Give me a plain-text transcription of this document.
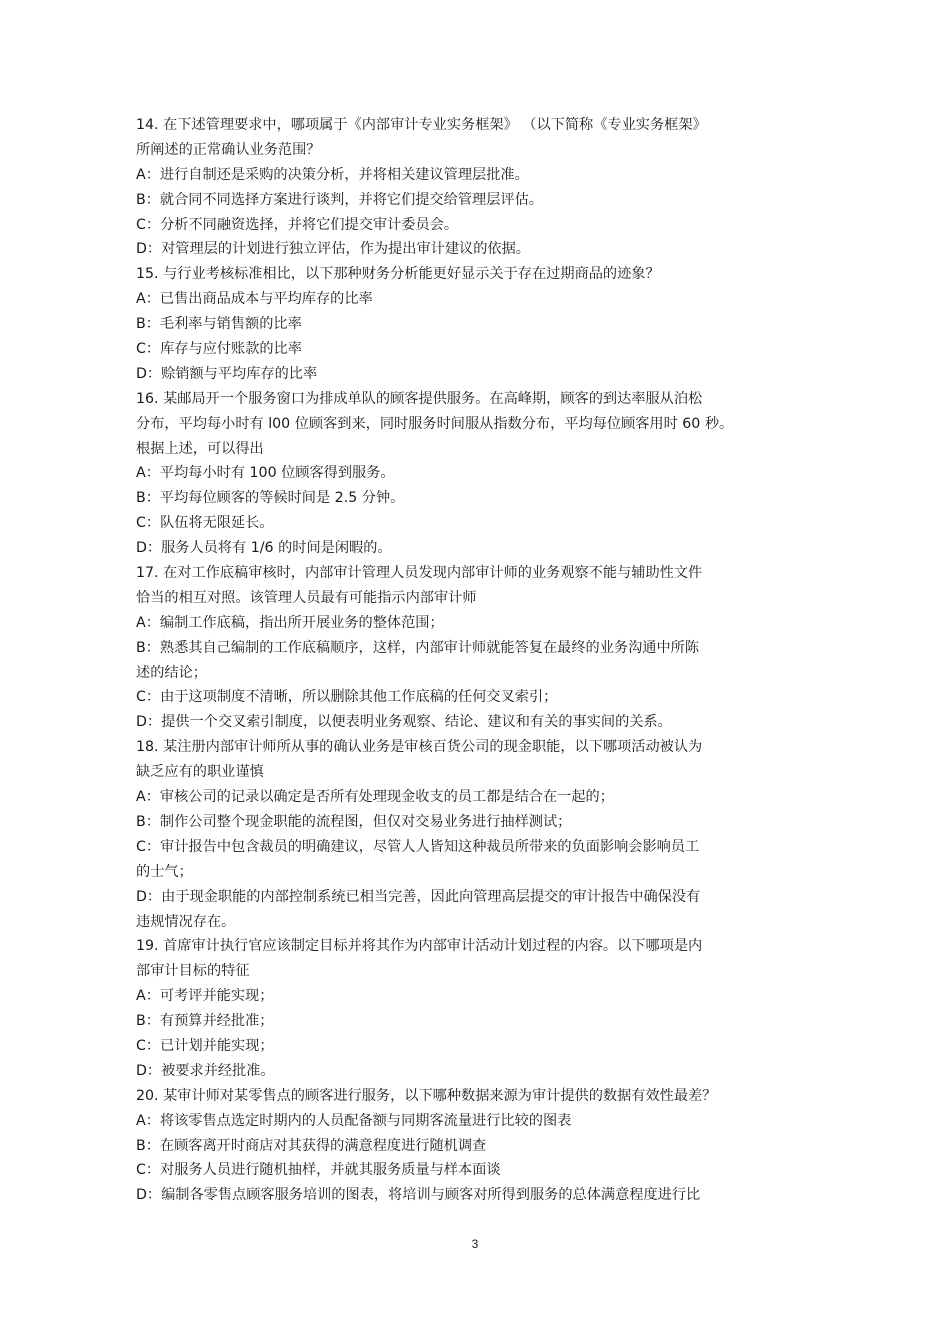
14. 在下述管理要求中，哪项属于《内部审计专业实务框架》 （以下简称《专业实务框架》
所阐述的正常确认业务范围？
A：进行自制还是采购的决策分析，并将相关建议管理层批准。
B：就合同不同选择方案进行谈判，并将它们提交给管理层评估。
C：分析不同融资选择，并将它们提交审计委员会。
D：对管理层的计划进行独立评估，作为提出审计建议的依据。
15. 与行业考核标准相比，以下那种财务分析能更好显示关于存在过期商品的迹象？
A：已售出商品成本与平均库存的比率
B：毛利率与销售额的比率
C：库存与应付账款的比率
D：赊销额与平均库存的比率
16. 某邮局开一个服务窗口为排成单队的顾客提供服务。在高峰期，顾客的到达率服从泊松
分布，平均每小时有 l00 位顾客到来，同时服务时间服从指数分布，平均每位顾客用时 60 秒。
根据上述，可以得出
A：平均每小时有 100 位顾客得到服务。
B：平均每位顾客的等候时间是 2.5 分钟。
C：队伍将无限延长。
D：服务人员将有 1/6 的时间是闲暇的。
17. 在对工作底稿审核时，内部审计管理人员发现内部审计师的业务观察不能与辅助性文件
恰当的相互对照。该管理人员最有可能指示内部审计师
A：编制工作底稿，指出所开展业务的整体范围；
B：熟悉其自己编制的工作底稿顺序，这样，内部审计师就能答复在最终的业务沟通中所陈
述的结论；
C：由于这项制度不清晰，所以删除其他工作底稿的任何交叉索引；
D：提供一个交叉索引制度，以便表明业务观察、结论、建议和有关的事实间的关系。
18. 某注册内部审计师所从事的确认业务是审核百货公司的现金职能，以下哪项活动被认为
缺乏应有的职业谨慎
A：审核公司的记录以确定是否所有处理现金收支的员工都是结合在一起的；
B：制作公司整个现金职能的流程图，但仅对交易业务进行抽样测试；
C：审计报告中包含裁员的明确建议，尽管人人皆知这种裁员所带来的负面影响会影响员工
的士气；
D：由于现金职能的内部控制系统已相当完善，因此向管理高层提交的审计报告中确保没有
违规情况存在。
19. 首席审计执行官应该制定目标并将其作为内部审计活动计划过程的内容。以下哪项是内
部审计目标的特征
A：可考评并能实现；
B：有预算并经批准；
C：已计划并能实现；
D：被要求并经批准。
20. 某审计师对某零售点的顾客进行服务，以下哪种数据来源为审计提供的数据有效性最差？
A：将该零售点选定时期内的人员配备额与同期客流量进行比较的图表
B：在顾客离开时商店对其获得的满意程度进行随机调查
C：对服务人员进行随机抽样，并就其服务质量与样本面谈
D：编制各零售点顾客服务培训的图表，将培训与顾客对所得到服务的总体满意程度进行比
3
